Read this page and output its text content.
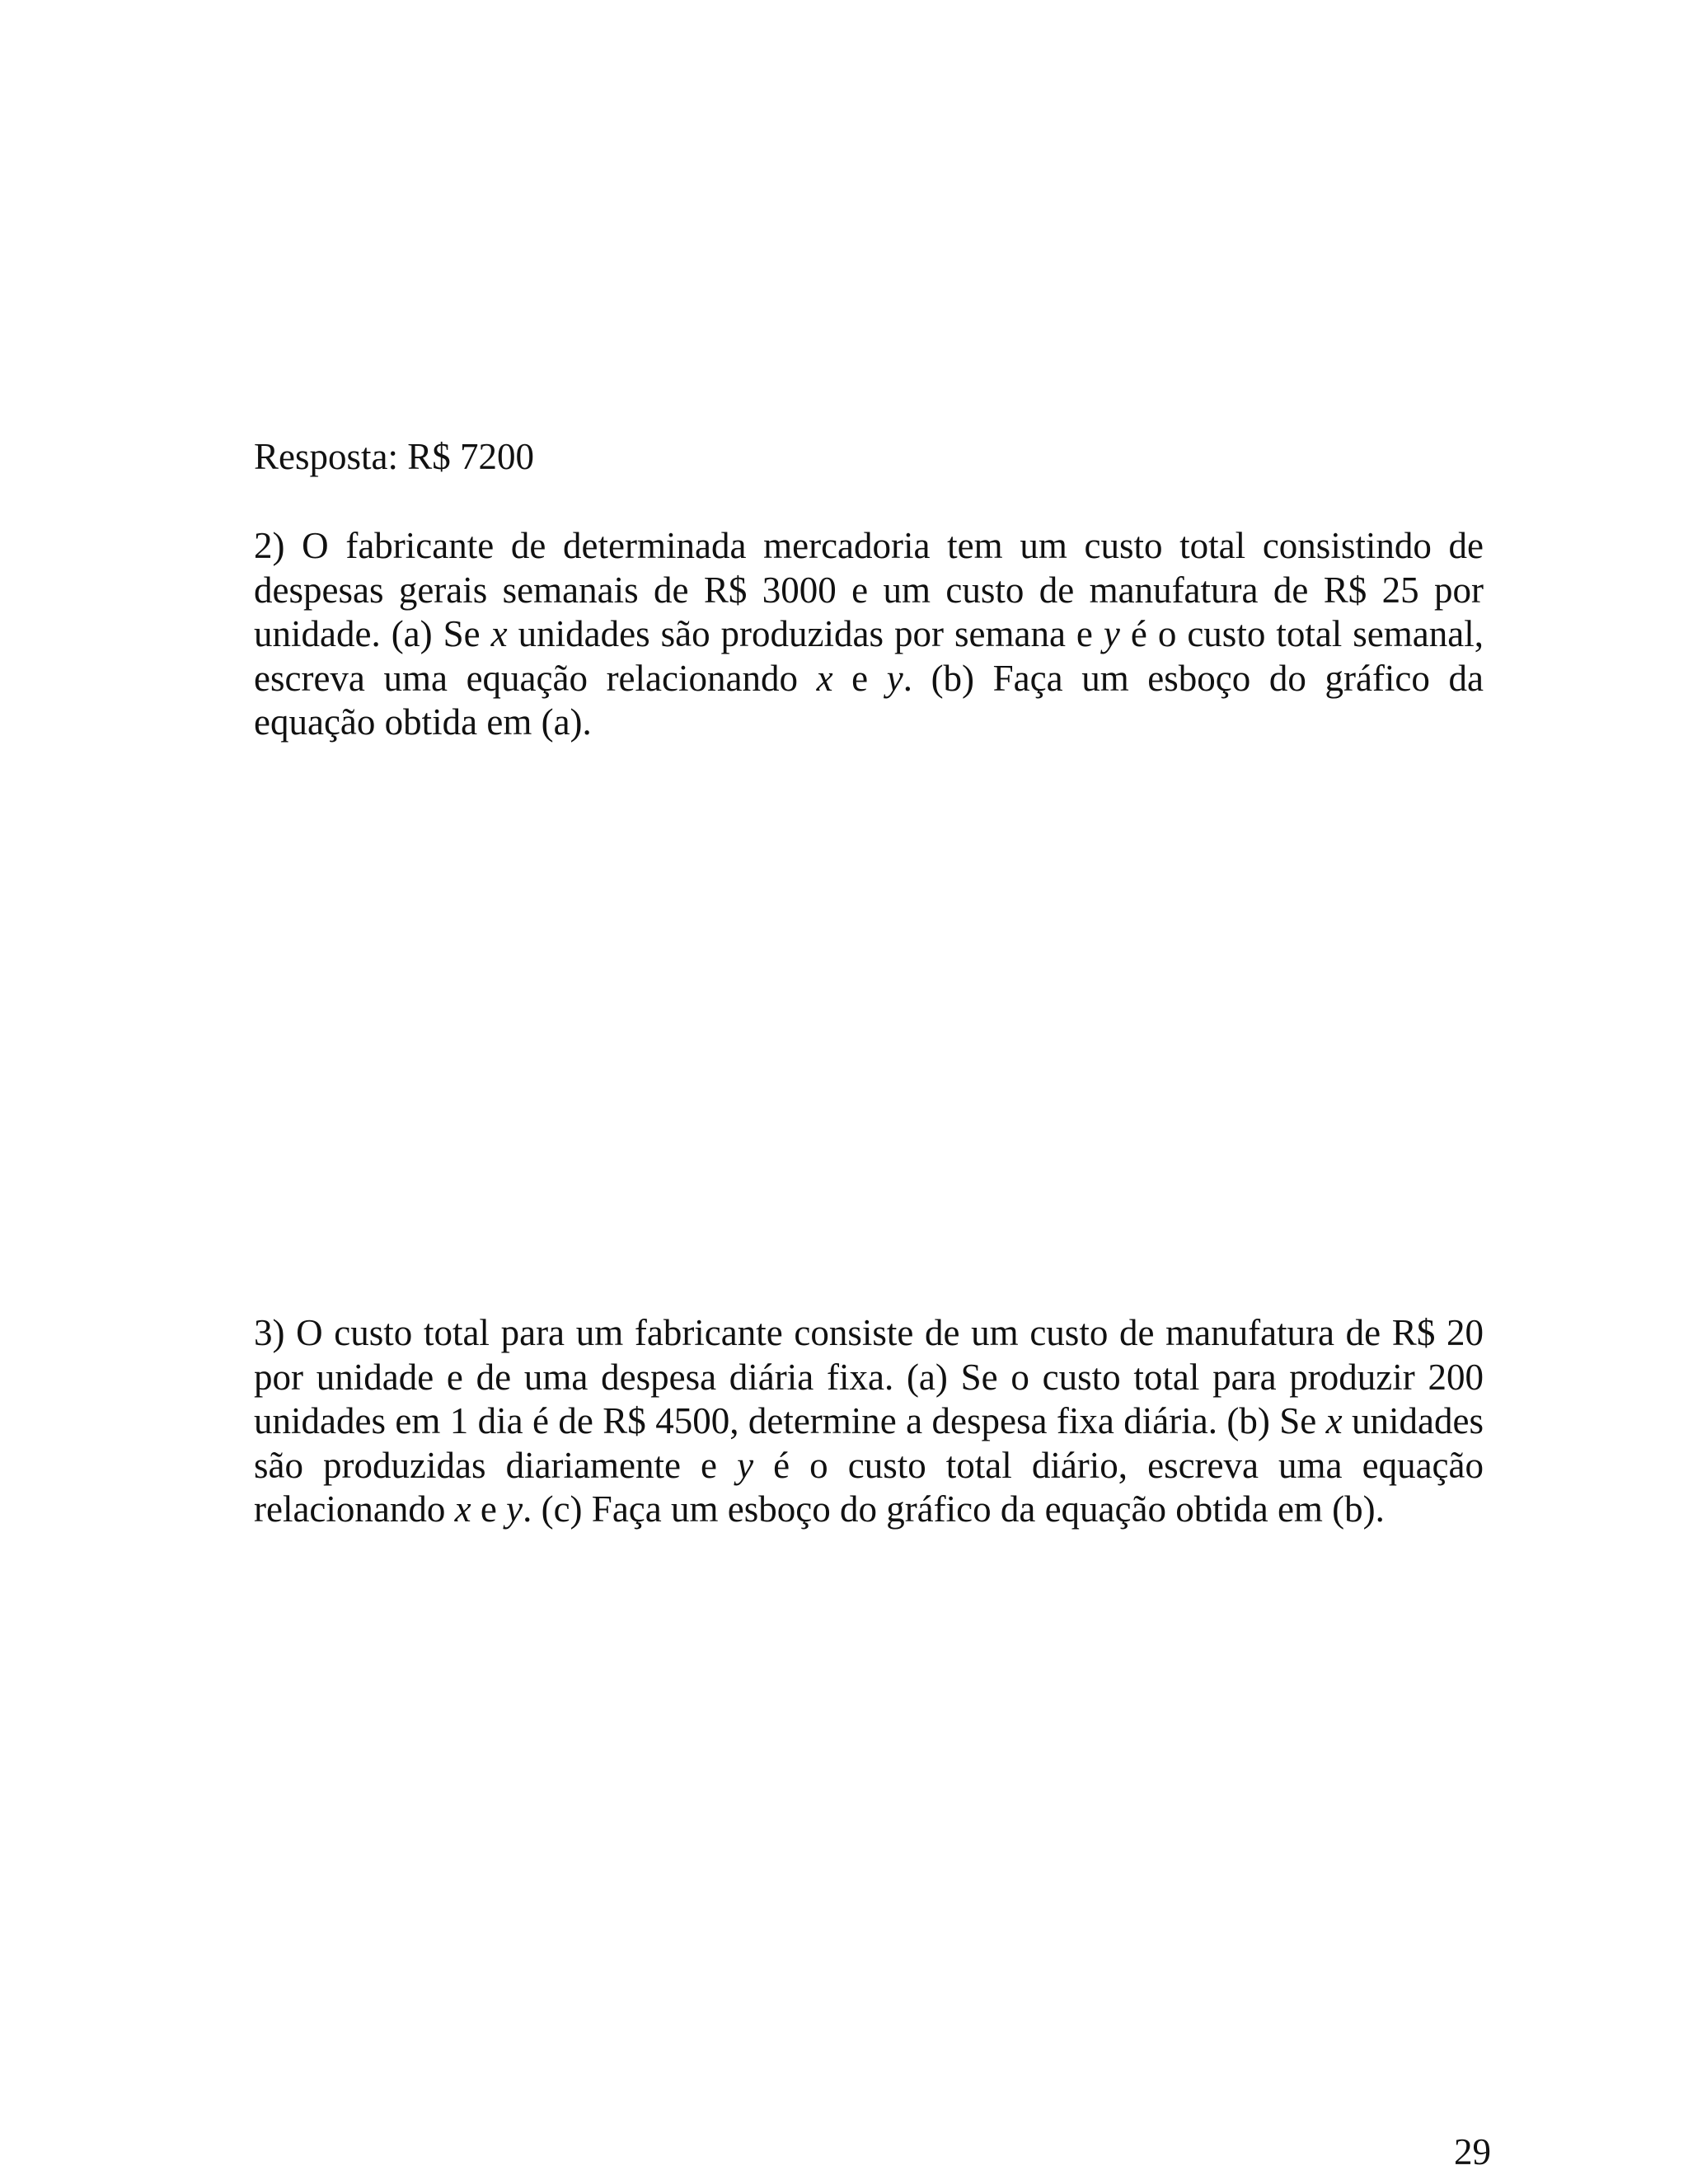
Resposta: R$ 7200

2) O fabricante de determinada mercadoria tem um custo total consistindo de despesas gerais semanais de R$ 3000 e um custo de manufatura de R$ 25 por unidade. (a) Se x unidades são produzidas por semana e y é o custo total semanal, escreva uma equação relacionando x e y. (b) Faça um esboço do gráfico da equação obtida em (a).

3) O custo total para um fabricante consiste de um custo de manufatura de R$ 20 por unidade e de uma despesa diária fixa. (a) Se o custo total para produzir 200 unidades em 1 dia é de R$ 4500, determine a despesa fixa diária. (b) Se x unidades são produzidas diariamente e y é o custo total diário, escreva uma equação relacionando x e y. (c) Faça um esboço do gráfico da equação obtida em (b).

29
